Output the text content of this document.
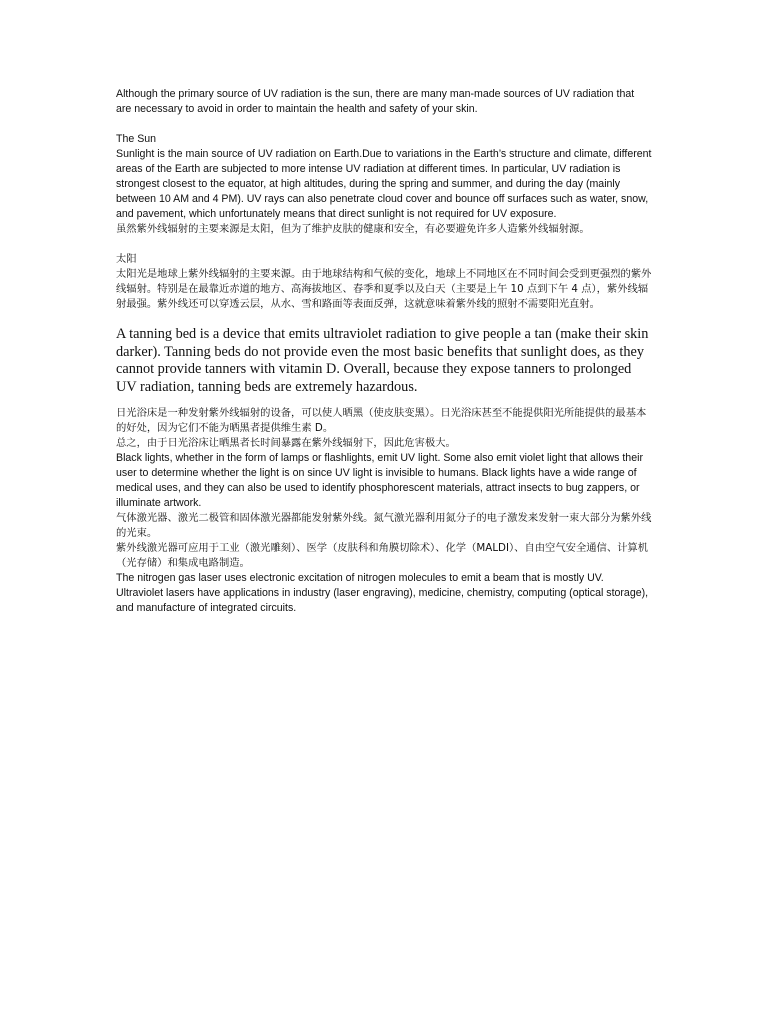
Although the primary source of UV radiation is the sun, there are many man-made sources of UV radiation that are necessary to avoid in order to maintain the health and safety of your skin.

The Sun

Sunlight is the main source of UV radiation on Earth.Due to variations in the Earth’s structure and climate, different areas of the Earth are subjected to more intense UV radiation at different times. In particular, UV radiation is strongest closest to the equator, at high altitudes, during the spring and summer, and during the day (mainly between 10 AM and 4 PM). UV rays can also penetrate cloud cover and bounce off surfaces such as water, snow, and pavement, which unfortunately means that direct sunlight is not required for UV exposure.

虽然紫外线辐射的主要来源是太阳，但为了维护皮肤的健康和安全，有必要避免许多人造紫外线辐射源。

太阳

太阳光是地球上紫外线辐射的主要来源。由于地球结构和气候的变化，地球上不同地区在不同时间会受到更强烈的紫外线辐射。特别是在最靠近赤道的地方、高海拔地区、春季和夏季以及白天（主要是上午 10 点到下午 4 点），紫外线辐射最强。紫外线还可以穿透云层，从水、雪和路面等表面反弹，这就意味着紫外线的照射不需要阳光直射。

A tanning bed is a device that emits ultraviolet radiation to give people a tan (make their skin darker). Tanning beds do not provide even the most basic benefits that sunlight does, as they cannot provide tanners with vitamin D. Overall, because they expose tanners to prolonged UV radiation, tanning beds are extremely hazardous.

日光浴床是一种发射紫外线辐射的设备，可以使人晒黑（使皮肤变黑）。日光浴床甚至不能提供阳光所能提供的最基本的好处，因为它们不能为晒黑者提供维生素 D。

总之，由于日光浴床让晒黑者长时间暴露在紫外线辐射下，因此危害极大。

Black lights, whether in the form of lamps or flashlights, emit UV light. Some also emit violet light that allows their user to determine whether the light is on since UV light is invisible to humans. Black lights have a wide range of medical uses, and they can also be used to identify phosphorescent materials, attract insects to bug zappers, or illuminate artwork.

气体激光器、激光二极管和固体激光器都能发射紫外线。氮气激光器利用氮分子的电子激发来发射一束大部分为紫外线的光束。

紫外线激光器可应用于工业（激光雕刻）、医学（皮肤科和角膜切除术）、化学（MALDI）、自由空气安全通信、计算机（光存储）和集成电路制造。

The nitrogen gas laser uses electronic excitation of nitrogen molecules to emit a beam that is mostly UV.

Ultraviolet lasers have applications in industry (laser engraving), medicine, chemistry, computing (optical storage), and manufacture of integrated circuits.
